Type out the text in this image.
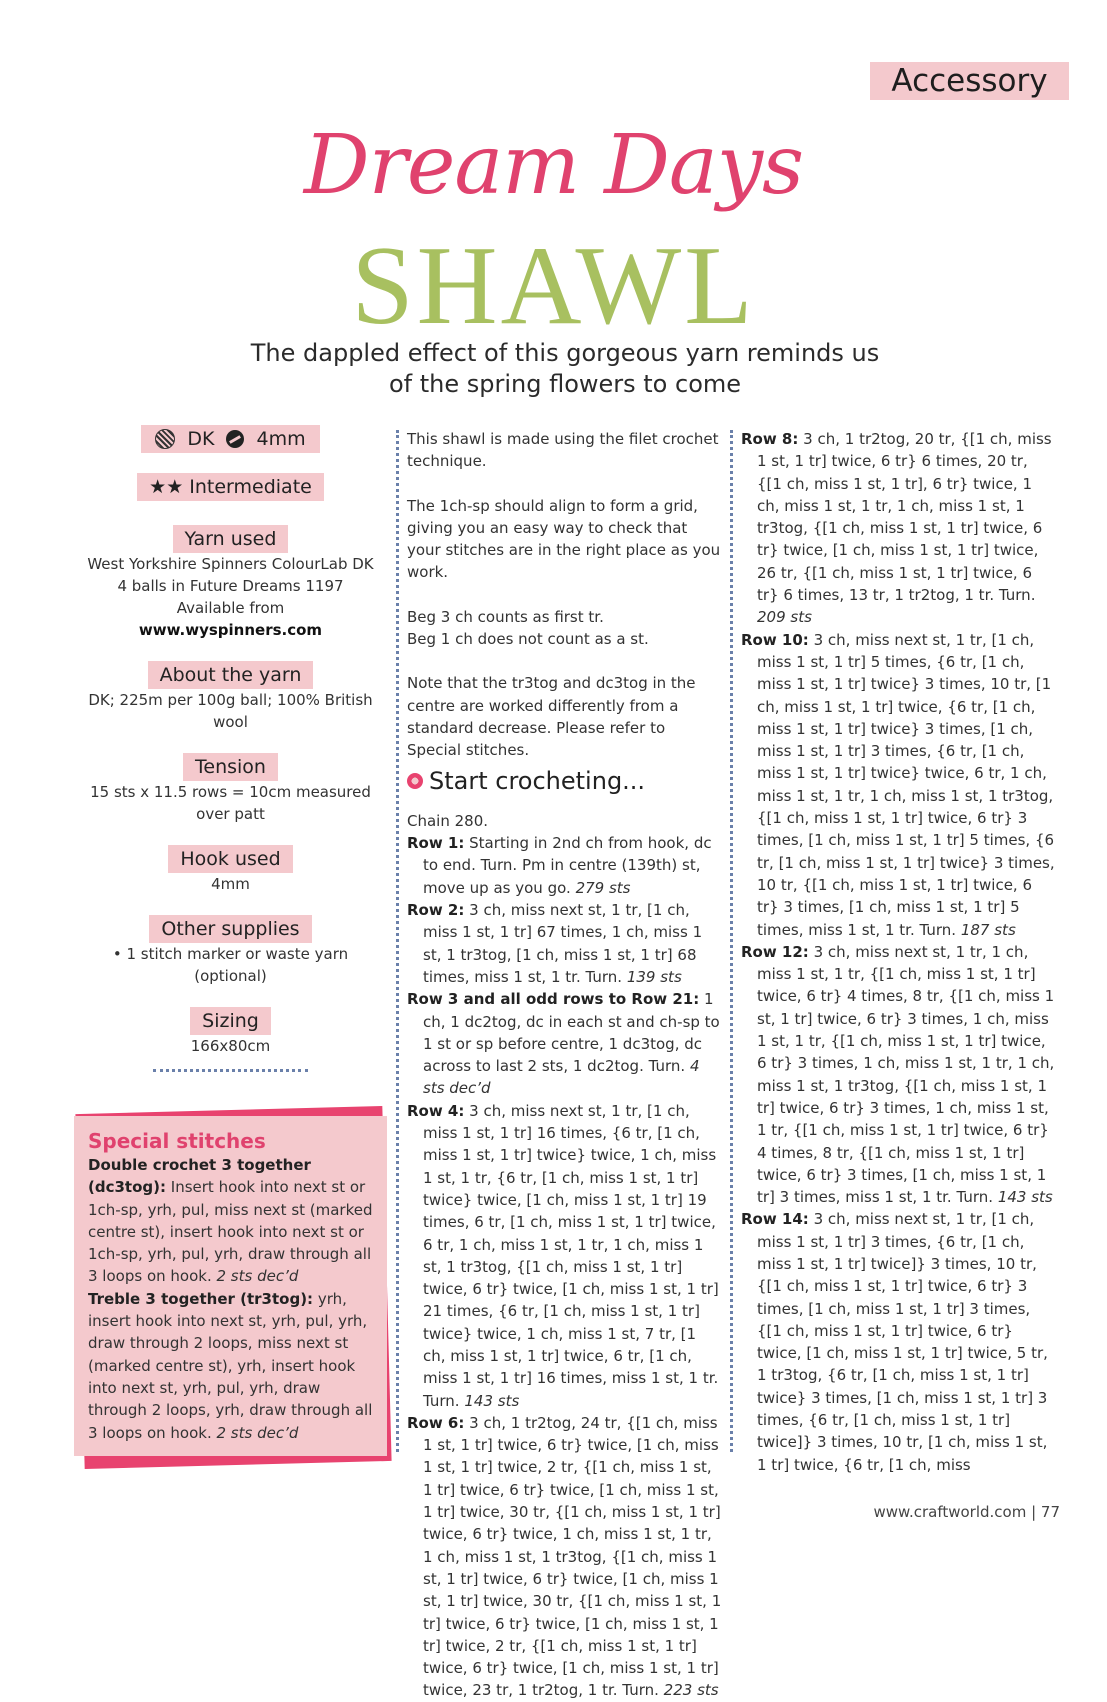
Accessory
Dream Days
SHAWL
The dappled effect of this gorgeous yarn reminds us
of the spring flowers to come
DK 4mm
★★ Intermediate
Yarn used

West Yorkshire Spinners ColourLab DK

4 balls in Future Dreams 1197

Available from

www.wyspinners.com

About the yarn

DK; 225m per 100g ball; 100% British wool

Tension

15 sts x 11.5 rows = 10cm measured

over patt

Hook used

4mm

Other supplies

• 1 stitch marker or waste yarn (optional)

Sizing

166x80cm

Special stitches
Double crochet 3 together (dc3tog): Insert hook into next st or 1ch-sp, yrh, pul, miss next st (marked centre st), insert hook into next st or 1ch-sp, yrh, pul, yrh, draw through all 3 loops on hook. 2 sts dec’d
Treble 3 together (tr3tog): yrh, insert hook into next st, yrh, pul, yrh, draw through 2 loops, miss next st (marked centre st), yrh, insert hook into next st, yrh, pul, yrh, draw through 2 loops, yrh, draw through all 3 loops on hook. 2 sts dec’d

This shawl is made using the filet crochet technique.

The 1ch-sp should align to form a grid, giving you an easy way to check that your stitches are in the right place as you work.

Beg 3 ch counts as first tr.

Beg 1 ch does not count as a st.

Note that the tr3tog and dc3tog in the centre are worked differently from a standard decrease. Please refer to Special stitches.

Start crocheting...

Chain 280.

Row 1: Starting in 2nd ch from hook, dc to end. Turn. Pm in centre (139th) st, move up as you go. 279 sts

Row 2: 3 ch, miss next st, 1 tr, [1 ch, miss 1 st, 1 tr] 67 times, 1 ch, miss 1 st, 1 tr3tog, [1 ch, miss 1 st, 1 tr] 68 times, miss 1 st, 1 tr. Turn. 139 sts

Row 3 and all odd rows to Row 21: 1 ch, 1 dc2tog, dc in each st and ch-sp to 1 st or sp before centre, 1 dc3tog, dc across to last 2 sts, 1 dc2tog. Turn. 4 sts dec’d

Row 4: 3 ch, miss next st, 1 tr, [1 ch, miss 1 st, 1 tr] 16 times, {6 tr, [1 ch, miss 1 st, 1 tr] twice} twice, 1 ch, miss 1 st, 1 tr, {6 tr, [1 ch, miss 1 st, 1 tr] twice} twice, [1 ch, miss 1 st, 1 tr] 19 times, 6 tr, [1 ch, miss 1 st, 1 tr] twice, 6 tr, 1 ch, miss 1 st, 1 tr, 1 ch, miss 1 st, 1 tr3tog, {[1 ch, miss 1 st, 1 tr] twice, 6 tr} twice, [1 ch, miss 1 st, 1 tr] 21 times, {6 tr, [1 ch, miss 1 st, 1 tr] twice} twice, 1 ch, miss 1 st, 7 tr, [1 ch, miss 1 st, 1 tr] twice, 6 tr, [1 ch, miss 1 st, 1 tr] 16 times, miss 1 st, 1 tr. Turn. 143 sts

Row 6: 3 ch, 1 tr2tog, 24 tr, {[1 ch, miss 1 st, 1 tr] twice, 6 tr} twice, [1 ch, miss 1 st, 1 tr] twice, 2 tr, {[1 ch, miss 1 st, 1 tr] twice, 6 tr} twice, [1 ch, miss 1 st, 1 tr] twice, 30 tr, {[1 ch, miss 1 st, 1 tr] twice, 6 tr} twice, 1 ch, miss 1 st, 1 tr, 1 ch, miss 1 st, 1 tr3tog, {[1 ch, miss 1 st, 1 tr] twice, 6 tr} twice, [1 ch, miss 1 st, 1 tr] twice, 30 tr, {[1 ch, miss 1 st, 1 tr] twice, 6 tr} twice, [1 ch, miss 1 st, 1 tr] twice, 2 tr, {[1 ch, miss 1 st, 1 tr] twice, 6 tr} twice, [1 ch, miss 1 st, 1 tr] twice, 23 tr, 1 tr2tog, 1 tr. Turn. 223 sts

Row 8: 3 ch, 1 tr2tog, 20 tr, {[1 ch, miss 1 st, 1 tr] twice, 6 tr} 6 times, 20 tr, {[1 ch, miss 1 st, 1 tr], 6 tr} twice, 1 ch, miss 1 st, 1 tr, 1 ch, miss 1 st, 1 tr3tog, {[1 ch, miss 1 st, 1 tr] twice, 6 tr} twice, [1 ch, miss 1 st, 1 tr] twice, 26 tr, {[1 ch, miss 1 st, 1 tr] twice, 6 tr} 6 times, 13 tr, 1 tr2tog, 1 tr. Turn. 209 sts

Row 10: 3 ch, miss next st, 1 tr, [1 ch, miss 1 st, 1 tr] 5 times, {6 tr, [1 ch, miss 1 st, 1 tr] twice} 3 times, 10 tr, [1 ch, miss 1 st, 1 tr] twice, {6 tr, [1 ch, miss 1 st, 1 tr] twice} 3 times, [1 ch, miss 1 st, 1 tr] 3 times, {6 tr, [1 ch, miss 1 st, 1 tr] twice} twice, 6 tr, 1 ch, miss 1 st, 1 tr, 1 ch, miss 1 st, 1 tr3tog, {[1 ch, miss 1 st, 1 tr] twice, 6 tr} 3 times, [1 ch, miss 1 st, 1 tr] 5 times, {6 tr, [1 ch, miss 1 st, 1 tr] twice} 3 times, 10 tr, {[1 ch, miss 1 st, 1 tr] twice, 6 tr} 3 times, [1 ch, miss 1 st, 1 tr] 5 times, miss 1 st, 1 tr. Turn. 187 sts

Row 12: 3 ch, miss next st, 1 tr, 1 ch, miss 1 st, 1 tr, {[1 ch, miss 1 st, 1 tr] twice, 6 tr} 4 times, 8 tr, {[1 ch, miss 1 st, 1 tr] twice, 6 tr} 3 times, 1 ch, miss 1 st, 1 tr, {[1 ch, miss 1 st, 1 tr] twice, 6 tr} 3 times, 1 ch, miss 1 st, 1 tr, 1 ch, miss 1 st, 1 tr3tog, {[1 ch, miss 1 st, 1 tr] twice, 6 tr} 3 times, 1 ch, miss 1 st, 1 tr, {[1 ch, miss 1 st, 1 tr] twice, 6 tr} 4 times, 8 tr, {[1 ch, miss 1 st, 1 tr] twice, 6 tr} 3 times, [1 ch, miss 1 st, 1 tr] 3 times, miss 1 st, 1 tr. Turn. 143 sts

Row 14: 3 ch, miss next st, 1 tr, [1 ch, miss 1 st, 1 tr] 3 times, {6 tr, [1 ch, miss 1 st, 1 tr] twice]} 3 times, 10 tr, {[1 ch, miss 1 st, 1 tr] twice, 6 tr} 3 times, [1 ch, miss 1 st, 1 tr] 3 times, {[1 ch, miss 1 st, 1 tr] twice, 6 tr} twice, [1 ch, miss 1 st, 1 tr] twice, 5 tr, 1 tr3tog, {6 tr, [1 ch, miss 1 st, 1 tr] twice} 3 times, [1 ch, miss 1 st, 1 tr] 3 times, {6 tr, [1 ch, miss 1 st, 1 tr] twice]} 3 times, 10 tr, [1 ch, miss 1 st, 1 tr] twice, {6 tr, [1 ch, miss

www.craftworld.com | 77
